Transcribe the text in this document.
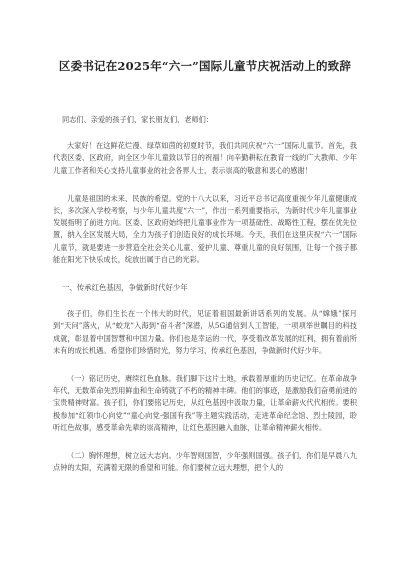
区委书记在2025年“六一”国际儿童节庆祝活动上的致辞

同志们、亲爱的孩子们、家长朋友们、老师们：

大家好！在这鲜花烂漫、绿草如茵的初夏时节，我们共同庆祝“六一”国际儿童节。首先，我代表区委、区政府，向全区少年儿童致以节日的祝福！向辛勤耕耘在教育一线的广大教师、少年儿童工作者和关心支持儿童事业的社会各界人士，表示崇高的敬意和衷心的感谢！

儿童是祖国的未来、民族的希望。党的十八大以来，习近平总书记高度重视少年儿童健康成长，多次深入学校考察，与少年儿童共度“六一”，作出一系列重要指示，为新时代少年儿童事业发展指明了前进方向。区委、区政府始终把儿童事业作为一项基础性、战略性工程，摆在优先位置，纳入全区发展大局，全力为孩子们创造良好的成长环境。今天，我们在这里庆祝“六一”国际儿童节，就是要进一步营造全社会关心儿童、爱护儿童、尊重儿童的良好氛围，让每一个孩子都能在阳光下快乐成长，绽放出属于自己的光彩。

一、传承红色基因，争做新时代好少年

孩子们，你们生长在一个伟大的时代，见证着祖国最新讲话系列的发展。从“嫦娥”探月到“天问”落火，从“蛟龙”入海到“奋斗者”深潜，从5G通信到人工智能，一项项举世瞩目的科技成就，彰显着中国智慧和中国力量。你们也是幸运的一代，享受着改革发展的红利，拥有着前所未有的成长机遇。希望你们珍惜时光，努力学习，传承红色基因，争做新时代好少年。

（一）铭记历史，赓续红色血脉。我们脚下这片土地，承载着厚重的历史记忆。在革命战争年代，无数革命先烈用鲜血和生命铸就了不朽的精神丰碑。他们的事迹，是激励我们奋勇前进的宝贵精神财富。孩子们，你们要铭记历史，从红色基因中汲取力量，让革命薪火代代相传。要积极参加“红领巾心向党”“童心向党·强国有我”等主题实践活动，走进革命纪念馆、烈士陵园，聆听红色故事，感受革命先辈的崇高精神，让红色基因融入血脉，让革命精神薪火相传。

（二）胸怀理想，树立远大志向。少年智则国智，少年强则国强。孩子们，你们是早晨八九点钟的太阳，充满着无限的希望和可能。你们要树立远大理想，把个人的
